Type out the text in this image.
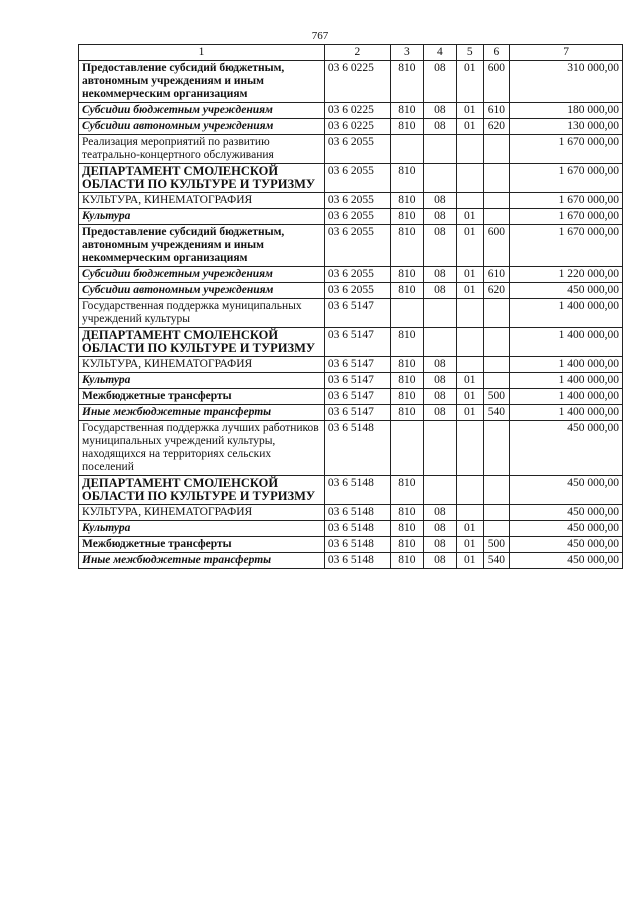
767
1	2	3	4	5	6	7
Предоставление субсидий бюджетным, автономным учреждениям и иным некоммерческим организациям	03 6 0225	810	08	01	600	310 000,00
Субсидии бюджетным учреждениям	03 6 0225	810	08	01	610	180 000,00
Субсидии автономным учреждениям	03 6 0225	810	08	01	620	130 000,00
Реализация мероприятий по развитию театрально-концертного обслуживания	03 6 2055					1 670 000,00
ДЕПАРТАМЕНТ СМОЛЕНСКОЙ ОБЛАСТИ ПО КУЛЬТУРЕ И ТУРИЗМУ	03 6 2055	810				1 670 000,00
КУЛЬТУРА, КИНЕМАТОГРАФИЯ	03 6 2055	810	08			1 670 000,00
Культура	03 6 2055	810	08	01		1 670 000,00
Предоставление субсидий бюджетным, автономным учреждениям и иным некоммерческим организациям	03 6 2055	810	08	01	600	1 670 000,00
Субсидии бюджетным учреждениям	03 6 2055	810	08	01	610	1 220 000,00
Субсидии автономным учреждениям	03 6 2055	810	08	01	620	450 000,00
Государственная поддержка муниципальных учреждений культуры	03 6 5147					1 400 000,00
ДЕПАРТАМЕНТ СМОЛЕНСКОЙ ОБЛАСТИ ПО КУЛЬТУРЕ И ТУРИЗМУ	03 6 5147	810				1 400 000,00
КУЛЬТУРА, КИНЕМАТОГРАФИЯ	03 6 5147	810	08			1 400 000,00
Культура	03 6 5147	810	08	01		1 400 000,00
Межбюджетные трансферты	03 6 5147	810	08	01	500	1 400 000,00
Иные межбюджетные трансферты	03 6 5147	810	08	01	540	1 400 000,00
Государственная поддержка лучших работников муниципальных учреждений культуры, находящихся на территориях сельских поселений	03 6 5148					450 000,00
ДЕПАРТАМЕНТ СМОЛЕНСКОЙ ОБЛАСТИ ПО КУЛЬТУРЕ И ТУРИЗМУ	03 6 5148	810				450 000,00
КУЛЬТУРА, КИНЕМАТОГРАФИЯ	03 6 5148	810	08			450 000,00
Культура	03 6 5148	810	08	01		450 000,00
Межбюджетные трансферты	03 6 5148	810	08	01	500	450 000,00
Иные межбюджетные трансферты	03 6 5148	810	08	01	540	450 000,00
